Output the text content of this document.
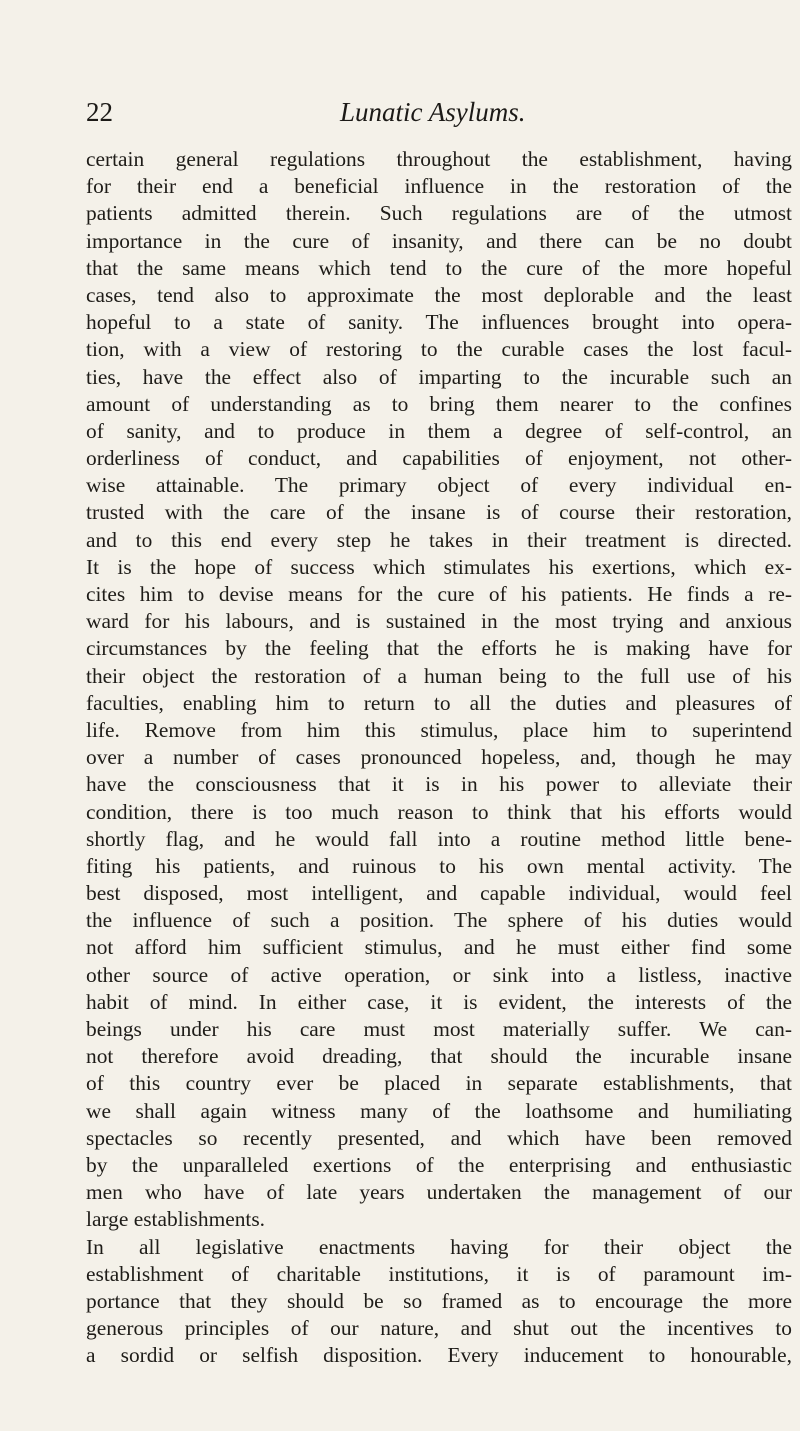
22	Lunatic Asylums.
certain general regulations throughout the establishment, having
for their end a beneficial influence in the restoration of the
patients admitted therein. Such regulations are of the utmost
importance in the cure of insanity, and there can be no doubt
that the same means which tend to the cure of the more hopeful
cases, tend also to approximate the most deplorable and the least
hopeful to a state of sanity. The influences brought into opera-
tion, with a view of restoring to the curable cases the lost facul-
ties, have the effect also of imparting to the incurable such an
amount of understanding as to bring them nearer to the confines
of sanity, and to produce in them a degree of self-control, an
orderliness of conduct, and capabilities of enjoyment, not other-
wise attainable. The primary object of every individual en-
trusted with the care of the insane is of course their restoration,
and to this end every step he takes in their treatment is directed.
It is the hope of success which stimulates his exertions, which ex-
cites him to devise means for the cure of his patients. He finds a re-
ward for his labours, and is sustained in the most trying and anxious
circumstances by the feeling that the efforts he is making have for
their object the restoration of a human being to the full use of his
faculties, enabling him to return to all the duties and pleasures of
life. Remove from him this stimulus, place him to superintend
over a number of cases pronounced hopeless, and, though he may
have the consciousness that it is in his power to alleviate their
condition, there is too much reason to think that his efforts would
shortly flag, and he would fall into a routine method little bene-
fiting his patients, and ruinous to his own mental activity. The
best disposed, most intelligent, and capable individual, would feel
the influence of such a position. The sphere of his duties would
not afford him sufficient stimulus, and he must either find some
other source of active operation, or sink into a listless, inactive
habit of mind. In either case, it is evident, the interests of the
beings under his care must most materially suffer. We can-
not therefore avoid dreading, that should the incurable insane
of this country ever be placed in separate establishments, that
we shall again witness many of the loathsome and humiliating
spectacles so recently presented, and which have been removed
by the unparalleled exertions of the enterprising and enthusiastic
men who have of late years undertaken the management of our
large establishments.
In all legislative enactments having for their object the
establishment of charitable institutions, it is of paramount im-
portance that they should be so framed as to encourage the more
generous principles of our nature, and shut out the incentives to
a sordid or selfish disposition. Every inducement to honourable,
